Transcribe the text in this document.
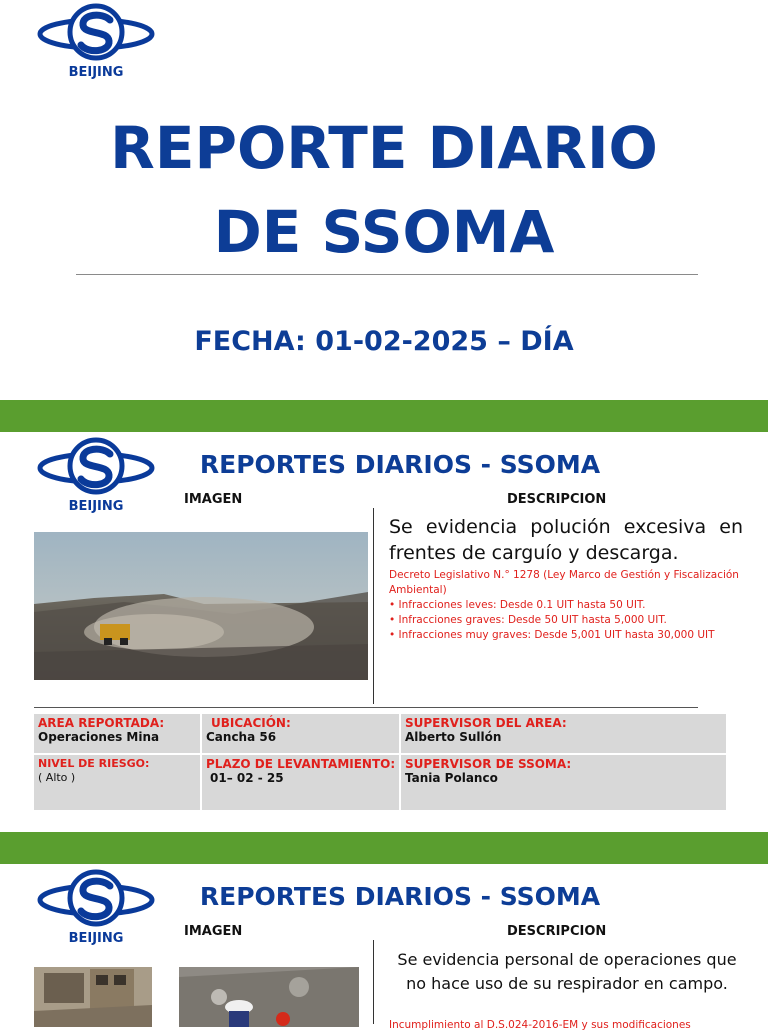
BEIJING
REPORTE DIARIO
DE SSOMA
FECHA: 01-02-2025 – DÍA
BEIJING
REPORTES DIARIOS - SSOMA
IMAGEN	DESCRIPCION
Se evidencia polución excesiva en frentes de carguío y descarga.
Decreto Legislativo N.° 1278 (Ley Marco de Gestión y Fiscalización
Ambiental)
• Infracciones leves: Desde 0.1 UIT hasta 50 UIT.
• Infracciones graves: Desde 50 UIT hasta 5,000 UIT.
• Infracciones muy graves: Desde 5,001 UIT hasta 30,000 UIT
AREA REPORTADA:
Operaciones Mina
UBICACIÓN:
Cancha 56
SUPERVISOR DEL AREA:
Alberto Sullón
NIVEL DE RIESGO:
( Alto )
PLAZO DE LEVANTAMIENTO:
01– 02 - 25
SUPERVISOR DE SSOMA:
Tania Polanco
BEIJING
REPORTES DIARIOS - SSOMA
IMAGEN	DESCRIPCION
Se evidencia personal de operaciones que no hace uso de su respirador en campo.
Incumplimiento al D.S.024-2016-EM y sus modificaciones
